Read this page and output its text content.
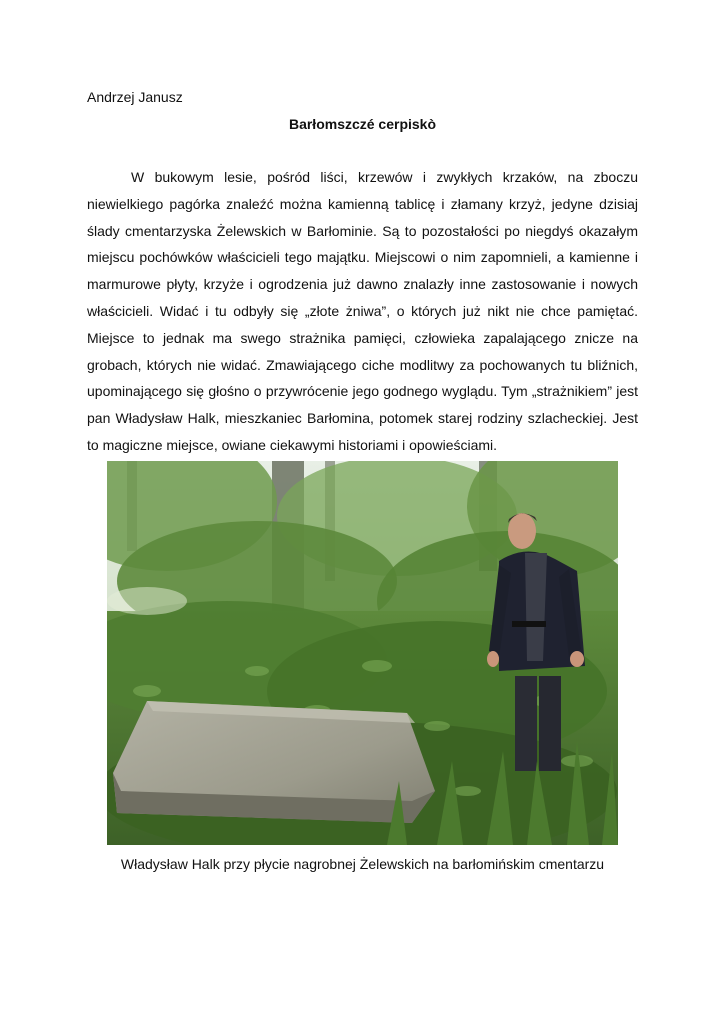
Andrzej Janusz
Barłomszczé cerpiskò

W bukowym lesie, pośród liści, krzewów i zwykłych krzaków, na zboczu niewielkiego pagórka znaleźć można kamienną tablicę i złamany krzyż, jedyne dzisiaj ślady cmentarzyska Żelewskich w Barłominie. Są to pozostałości po niegdyś okazałym miejscu pochówków właścicieli tego majątku. Miejscowi o nim zapomnieli, a kamienne i marmurowe płyty, krzyże i ogrodzenia już dawno znalazły inne zastosowanie i nowych właścicieli. Widać i tu odbyły się „złote żniwa”, o których już nikt nie chce pamiętać. Miejsce to jednak ma swego strażnika pamięci, człowieka zapalającego znicze na grobach, których nie widać. Zmawiającego ciche modlitwy za pochowanych tu bliźnich, upominającego się głośno o przywrócenie jego godnego wyglądu. Tym „strażnikiem” jest pan Władysław Halk, mieszkaniec Barłomina, potomek starej rodziny szlacheckiej. Jest to magiczne miejsce, owiane ciekawymi historiami i opowieściami.

Władysław Halk przy płycie nagrobnej Żelewskich na barłomińskim cmentarzu
